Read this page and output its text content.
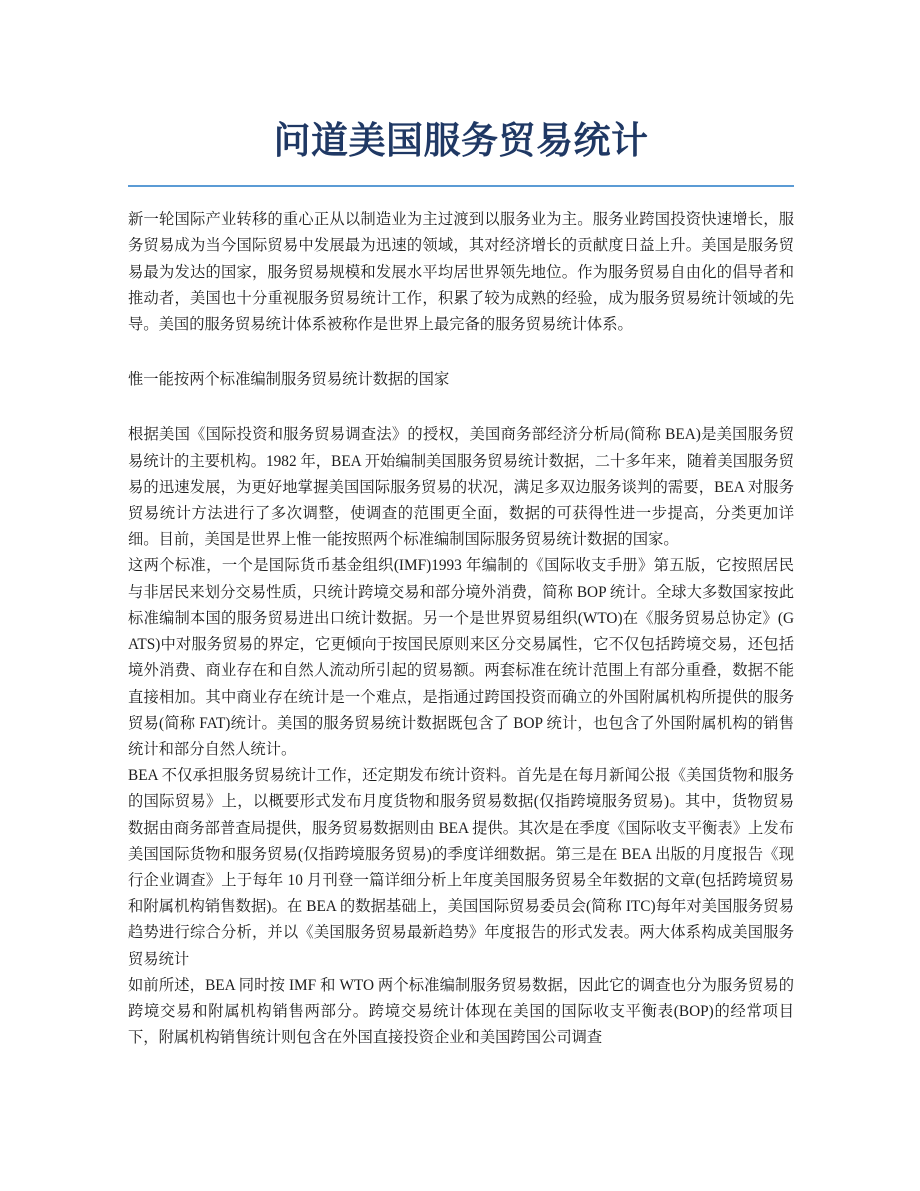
问道美国服务贸易统计

新一轮国际产业转移的重心正从以制造业为主过渡到以服务业为主。服务业跨国投资快速增长，服务贸易成为当今国际贸易中发展最为迅速的领域，其对经济增长的贡献度日益上升。美国是服务贸易最为发达的国家，服务贸易规模和发展水平均居世界领先地位。作为服务贸易自由化的倡导者和推动者，美国也十分重视服务贸易统计工作，积累了较为成熟的经验，成为服务贸易统计领域的先导。美国的服务贸易统计体系被称作是世界上最完备的服务贸易统计体系。

惟一能按两个标准编制服务贸易统计数据的国家

根据美国《国际投资和服务贸易调查法》的授权，美国商务部经济分析局(简称 BEA)是美国服务贸易统计的主要机构。1982 年，BEA 开始编制美国服务贸易统计数据，二十多年来，随着美国服务贸易的迅速发展，为更好地掌握美国国际服务贸易的状况，满足多双边服务谈判的需要，BEA 对服务贸易统计方法进行了多次调整，使调查的范围更全面，数据的可获得性进一步提高，分类更加详细。目前，美国是世界上惟一能按照两个标准编制国际服务贸易统计数据的国家。

这两个标准，一个是国际货币基金组织(IMF)1993 年编制的《国际收支手册》第五版，它按照居民与非居民来划分交易性质，只统计跨境交易和部分境外消费，简称 BOP 统计。全球大多数国家按此标准编制本国的服务贸易进出口统计数据。另一个是世界贸易组织(WTO)在《服务贸易总协定》(GATS)中对服务贸易的界定，它更倾向于按国民原则来区分交易属性，它不仅包括跨境交易，还包括境外消费、商业存在和自然人流动所引起的贸易额。两套标准在统计范围上有部分重叠，数据不能直接相加。其中商业存在统计是一个难点，是指通过跨国投资而确立的外国附属机构所提供的服务贸易(简称 FAT)统计。美国的服务贸易统计数据既包含了 BOP 统计，也包含了外国附属机构的销售统计和部分自然人统计。

BEA 不仅承担服务贸易统计工作，还定期发布统计资料。首先是在每月新闻公报《美国货物和服务的国际贸易》上，以概要形式发布月度货物和服务贸易数据(仅指跨境服务贸易)。其中，货物贸易数据由商务部普查局提供，服务贸易数据则由 BEA 提供。其次是在季度《国际收支平衡表》上发布美国国际货物和服务贸易(仅指跨境服务贸易)的季度详细数据。第三是在 BEA 出版的月度报告《现行企业调查》上于每年 10 月刊登一篇详细分析上年度美国服务贸易全年数据的文章(包括跨境贸易和附属机构销售数据)。在 BEA 的数据基础上，美国国际贸易委员会(简称 ITC)每年对美国服务贸易趋势进行综合分析，并以《美国服务贸易最新趋势》年度报告的形式发表。两大体系构成美国服务贸易统计

如前所述，BEA 同时按 IMF 和 WTO 两个标准编制服务贸易数据，因此它的调查也分为服务贸易的跨境交易和附属机构销售两部分。跨境交易统计体现在美国的国际收支平衡表(BOP)的经常项目下，附属机构销售统计则包含在外国直接投资企业和美国跨国公司调查
